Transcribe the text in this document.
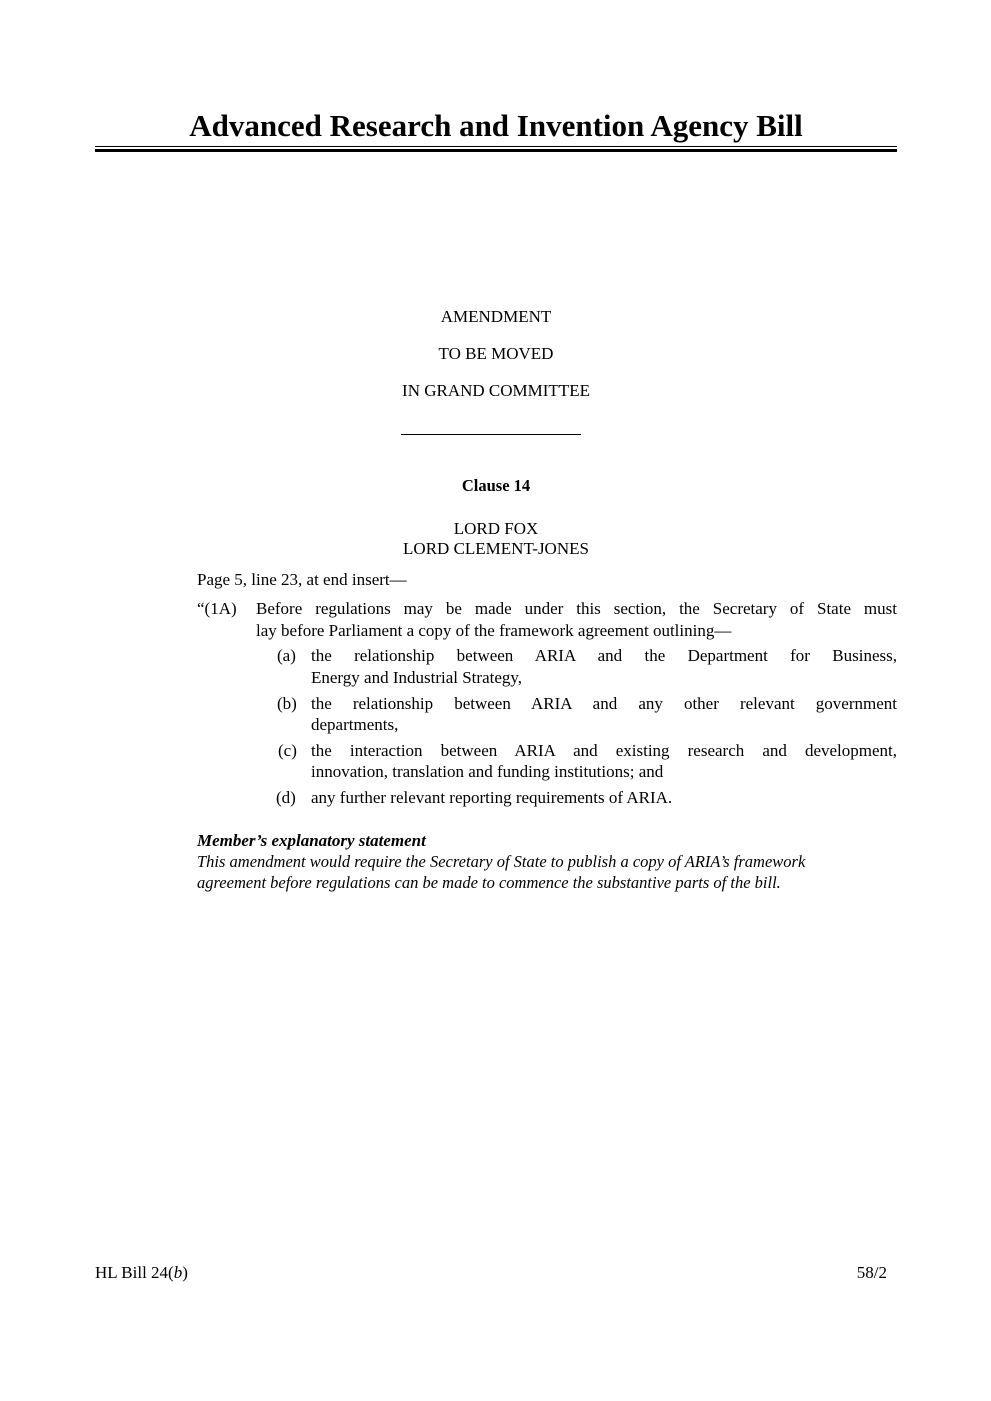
Advanced Research and Invention Agency Bill
AMENDMENT
TO BE MOVED
IN GRAND COMMITTEE
Clause 14
LORD FOX
LORD CLEMENT-JONES
Page 5, line 23, at end insert—
“(1A) Before regulations may be made under this section, the Secretary of State must
lay before Parliament a copy of the framework agreement outlining—
(a) the relationship between ARIA and the Department for Business,
Energy and Industrial Strategy,
(b) the relationship between ARIA and any other relevant government
departments,
(c) the interaction between ARIA and existing research and development,
innovation, translation and funding institutions; and
(d) any further relevant reporting requirements of ARIA.
Member’s explanatory statement
This amendment would require the Secretary of State to publish a copy of ARIA’s framework
agreement before regulations can be made to commence the substantive parts of the bill.
HL Bill 24(b)	58/2
